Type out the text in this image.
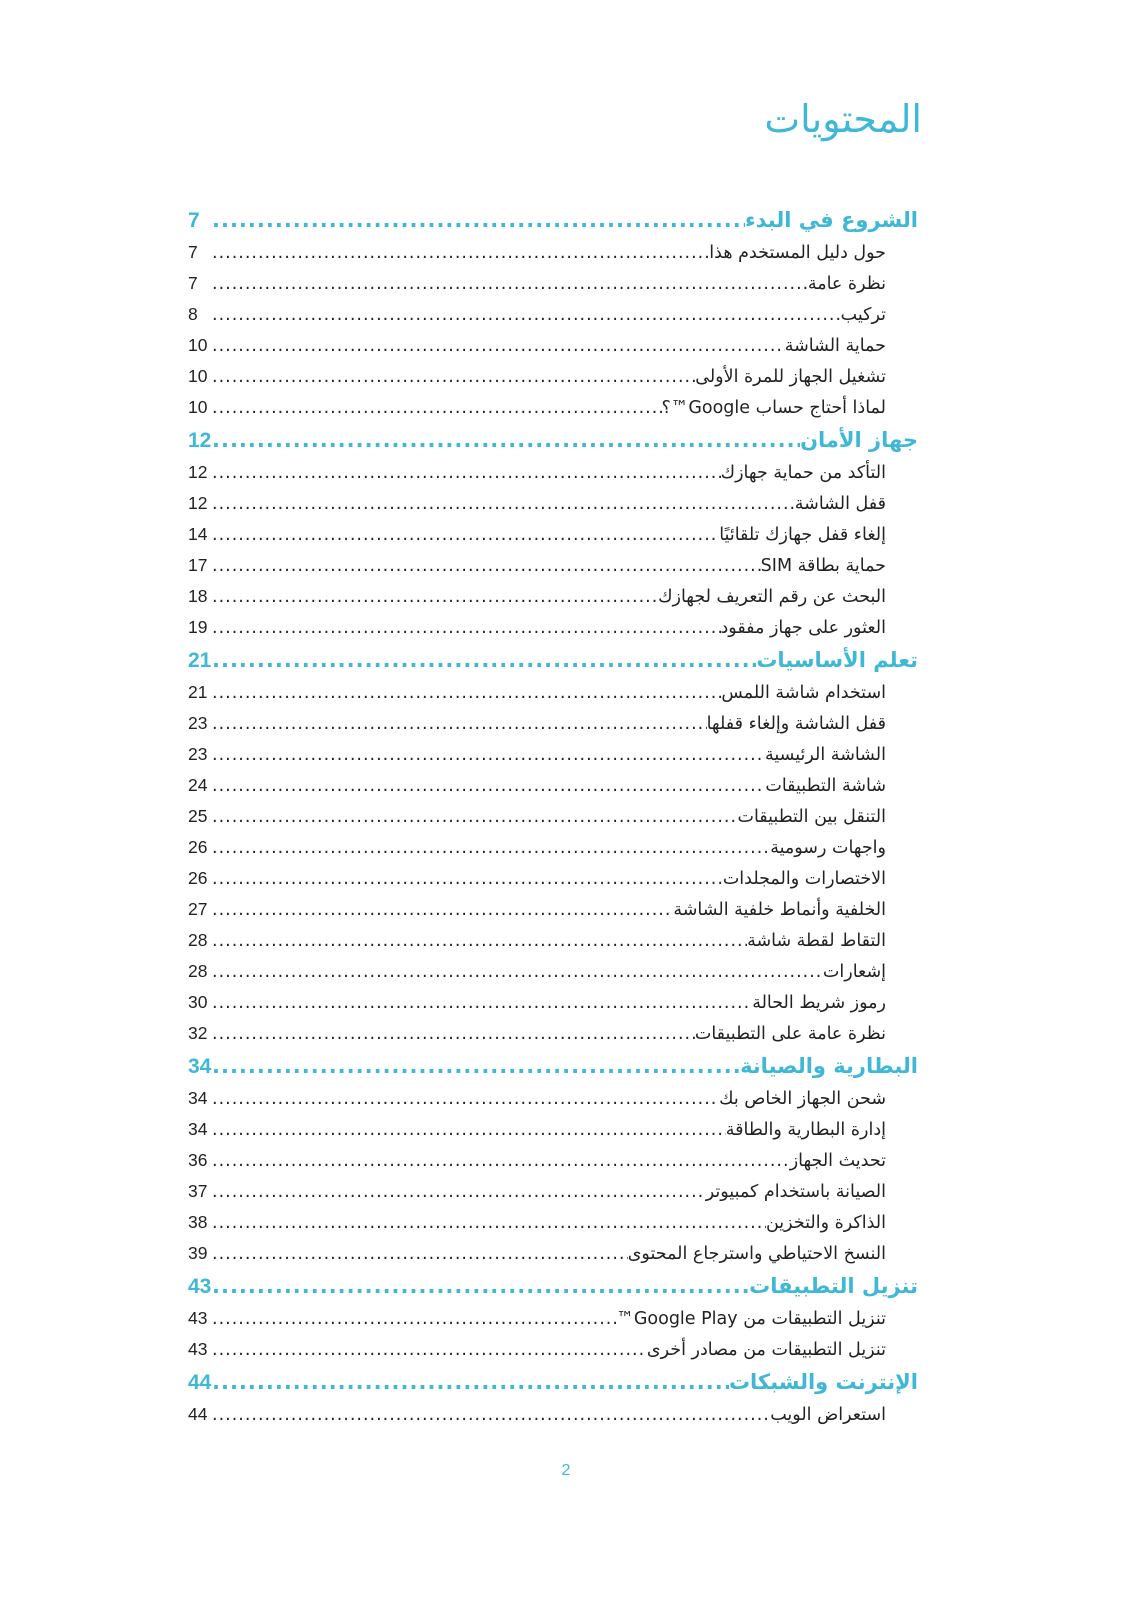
المحتويات
الشروع في البدء
.....
7
حول دليل المستخدم هذا
.....
7
نظرة عامة
.....
7
تركيب
.....
8
حماية الشاشة
.....
10
تشغيل الجهاز للمرة الأولى
.....
10
لماذا أحتاج حساب Google™؟
.....
10
جهاز الأمان
.....
12
التأكد من حماية جهازك
.....
12
قفل الشاشة
.....
12
إلغاء قفل جهازك تلقائيًا
.....
14
حماية بطاقة SIM
.....
17
البحث عن رقم التعريف لجهازك
.....
18
العثور على جهاز مفقود
.....
19
تعلم الأساسيات
.....
21
استخدام شاشة اللمس
.....
21
قفل الشاشة وإلغاء قفلها
.....
23
الشاشة الرئيسية
.....
23
شاشة التطبيقات
.....
24
التنقل بين التطبيقات
.....
25
واجهات رسومية
.....
26
الاختصارات والمجلدات
.....
26
الخلفية وأنماط خلفية الشاشة
.....
27
التقاط لقطة شاشة
.....
28
إشعارات
.....
28
رموز شريط الحالة
.....
30
نظرة عامة على التطبيقات
.....
32
البطارية والصيانة
.....
34
شحن الجهاز الخاص بك
.....
34
إدارة البطارية والطاقة
.....
34
تحديث الجهاز
.....
36
الصيانة باستخدام كمبيوتر
.....
37
الذاكرة والتخزين
.....
38
النسخ الاحتياطي واسترجاع المحتوى
.....
39
تنزيل التطبيقات
.....
43
تنزيل التطبيقات من Google Play™
.....
43
تنزيل التطبيقات من مصادر أخرى
.....
43
الإنترنت والشبكات
.....
44
استعراض الويب
.....
44
2
